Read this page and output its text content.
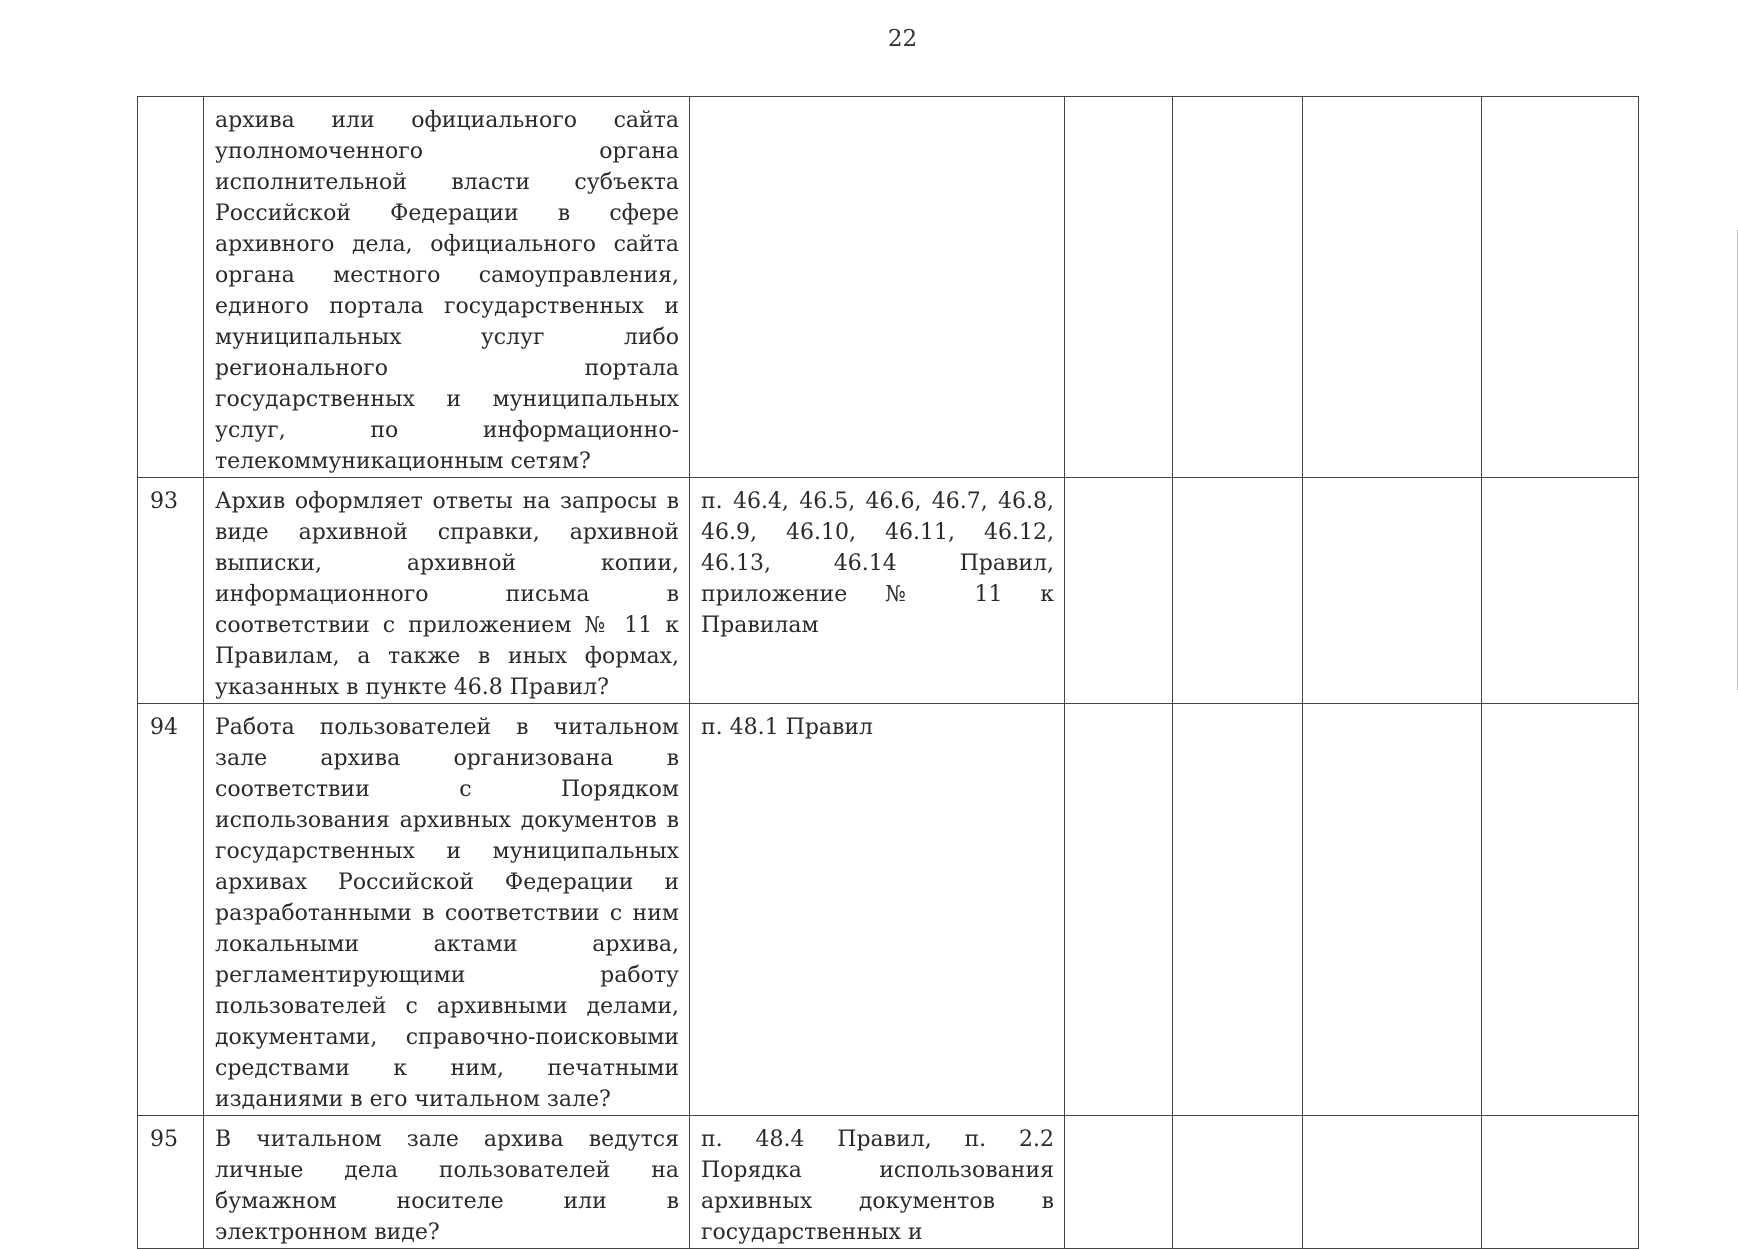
22
	архива или официального сайта уполномоченного органа исполнительной власти субъекта Российской Федерации в сфере архивного дела, официального сайта органа местного самоуправления, единого портала государственных и муниципальных услуг либо регионального портала государственных и муниципальных услуг, по информационно-телекоммуникационным сетям?					
93	Архив оформляет ответы на запросы в виде архивной справки, архивной выписки, архивной копии, информационного письма в соответствии с приложением № 11 к Правилам, а также в иных формах, указанных в пункте 46.8 Правил?	п. 46.4, 46.5, 46.6, 46.7, 46.8, 46.9, 46.10, 46.11, 46.12, 46.13, 46.14 Правил, приложение № 11 к Правилам				
94	Работа пользователей в читальном зале архива организована в соответствии с Порядком использования архивных документов в государственных и муниципальных архивах Российской Федерации и разработанными в соответствии с ним локальными актами архива, регламентирующими работу пользователей с архивными делами, документами, справочно-поисковыми средствами к ним, печатными изданиями в его читальном зале?	п. 48.1 Правил				
95	В читальном зале архива ведутся личные дела пользователей на бумажном носителе или в электронном виде?	п. 48.4 Правил, п. 2.2 Порядка использования архивных документов в государственных и				
